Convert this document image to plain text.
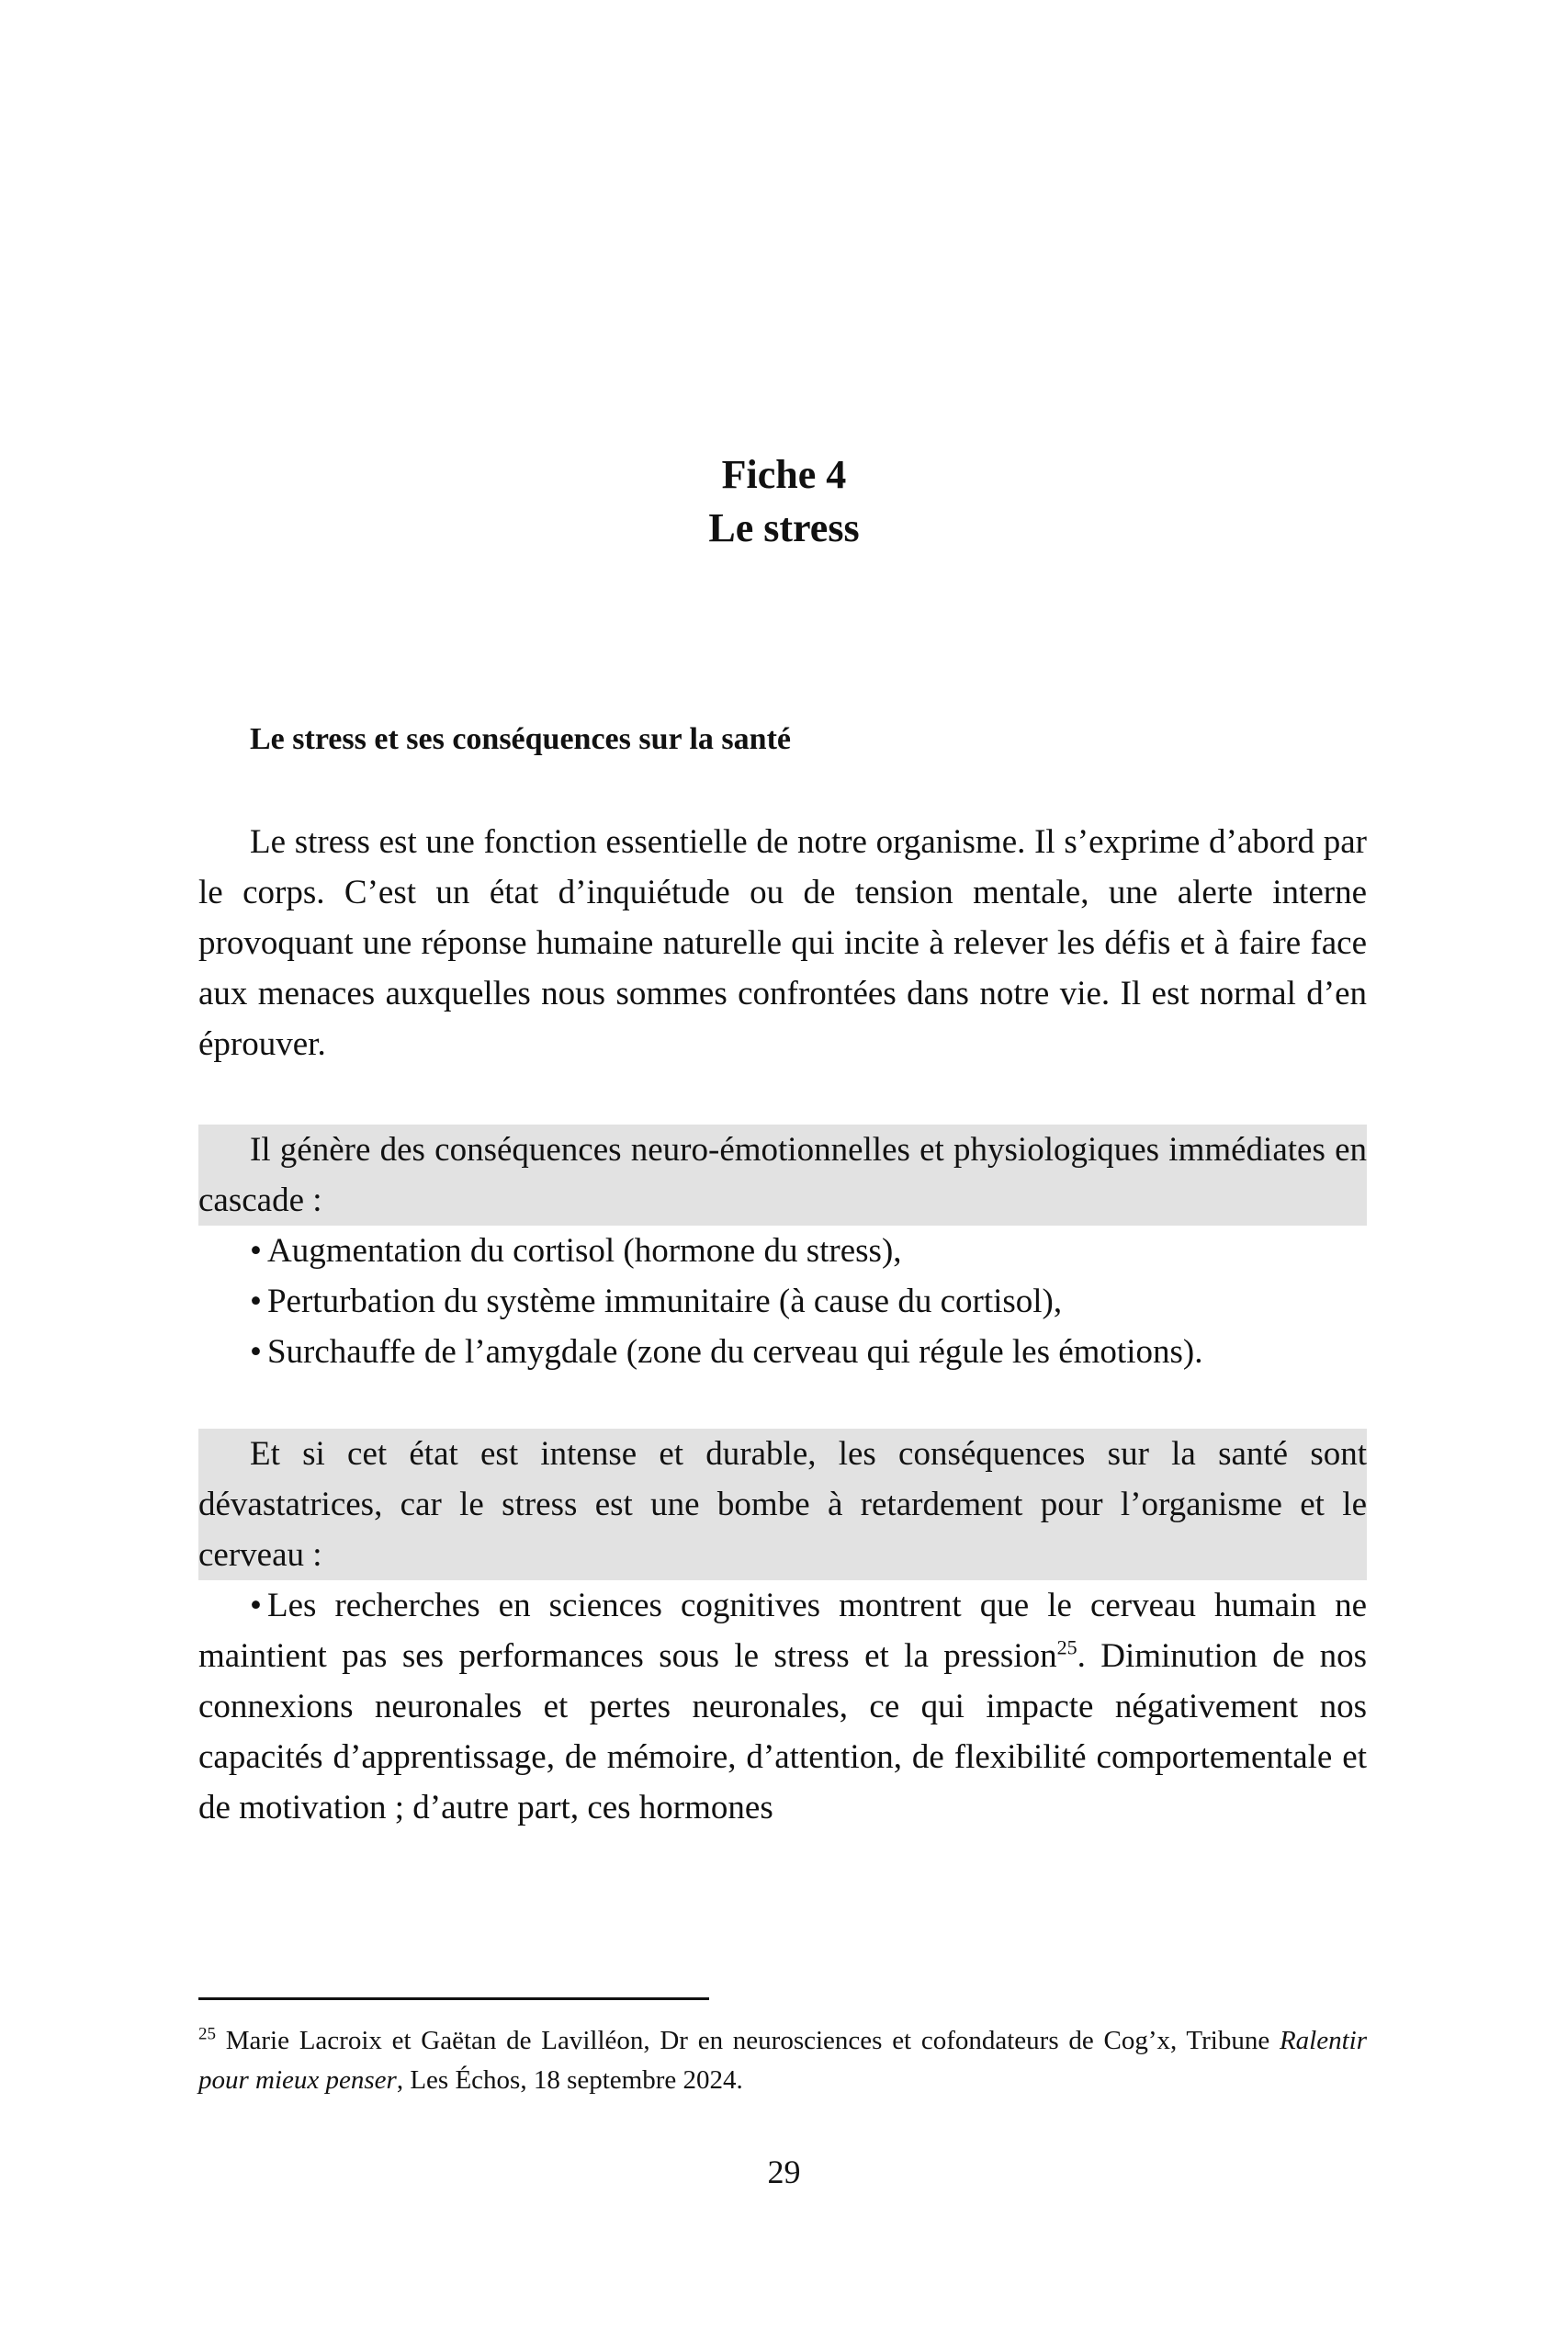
Fiche 4
Le stress
Le stress et ses conséquences sur la santé

Le stress est une fonction essentielle de notre organisme. Il s’exprime d’abord par le corps. C’est un état d’inquiétude ou de tension mentale, une alerte interne provoquant une réponse humaine naturelle qui incite à relever les défis et à faire face aux menaces auxquelles nous sommes confrontées dans notre vie. Il est normal d’en éprouver.

Il génère des conséquences neuro-émotionnelles et physiologiques immédiates en cascade :

• Augmentation du cortisol (hormone du stress),
• Perturbation du système immunitaire (à cause du cortisol),
• Surchauffe de l’amygdale (zone du cerveau qui régule les émotions).

Et si cet état est intense et durable, les conséquences sur la santé sont dévastatrices, car le stress est une bombe à retardement pour l’organisme et le cerveau :

• Les recherches en sciences cognitives montrent que le cerveau humain ne maintient pas ses performances sous le stress et la pression$^{25}$. Diminution de nos connexions neuronales et pertes neuronales, ce qui impacte négativement nos capacités d’apprentissage, de mémoire, d’attention, de flexibilité comportementale et de motivation ; d’autre part, ces hormones

$^{25}$ Marie Lacroix et Gaëtan de Lavilléon, Dr en neurosciences et cofondateurs de Cog’x, Tribune Ralentir pour mieux penser, Les Échos, 18 septembre 2024.
29
